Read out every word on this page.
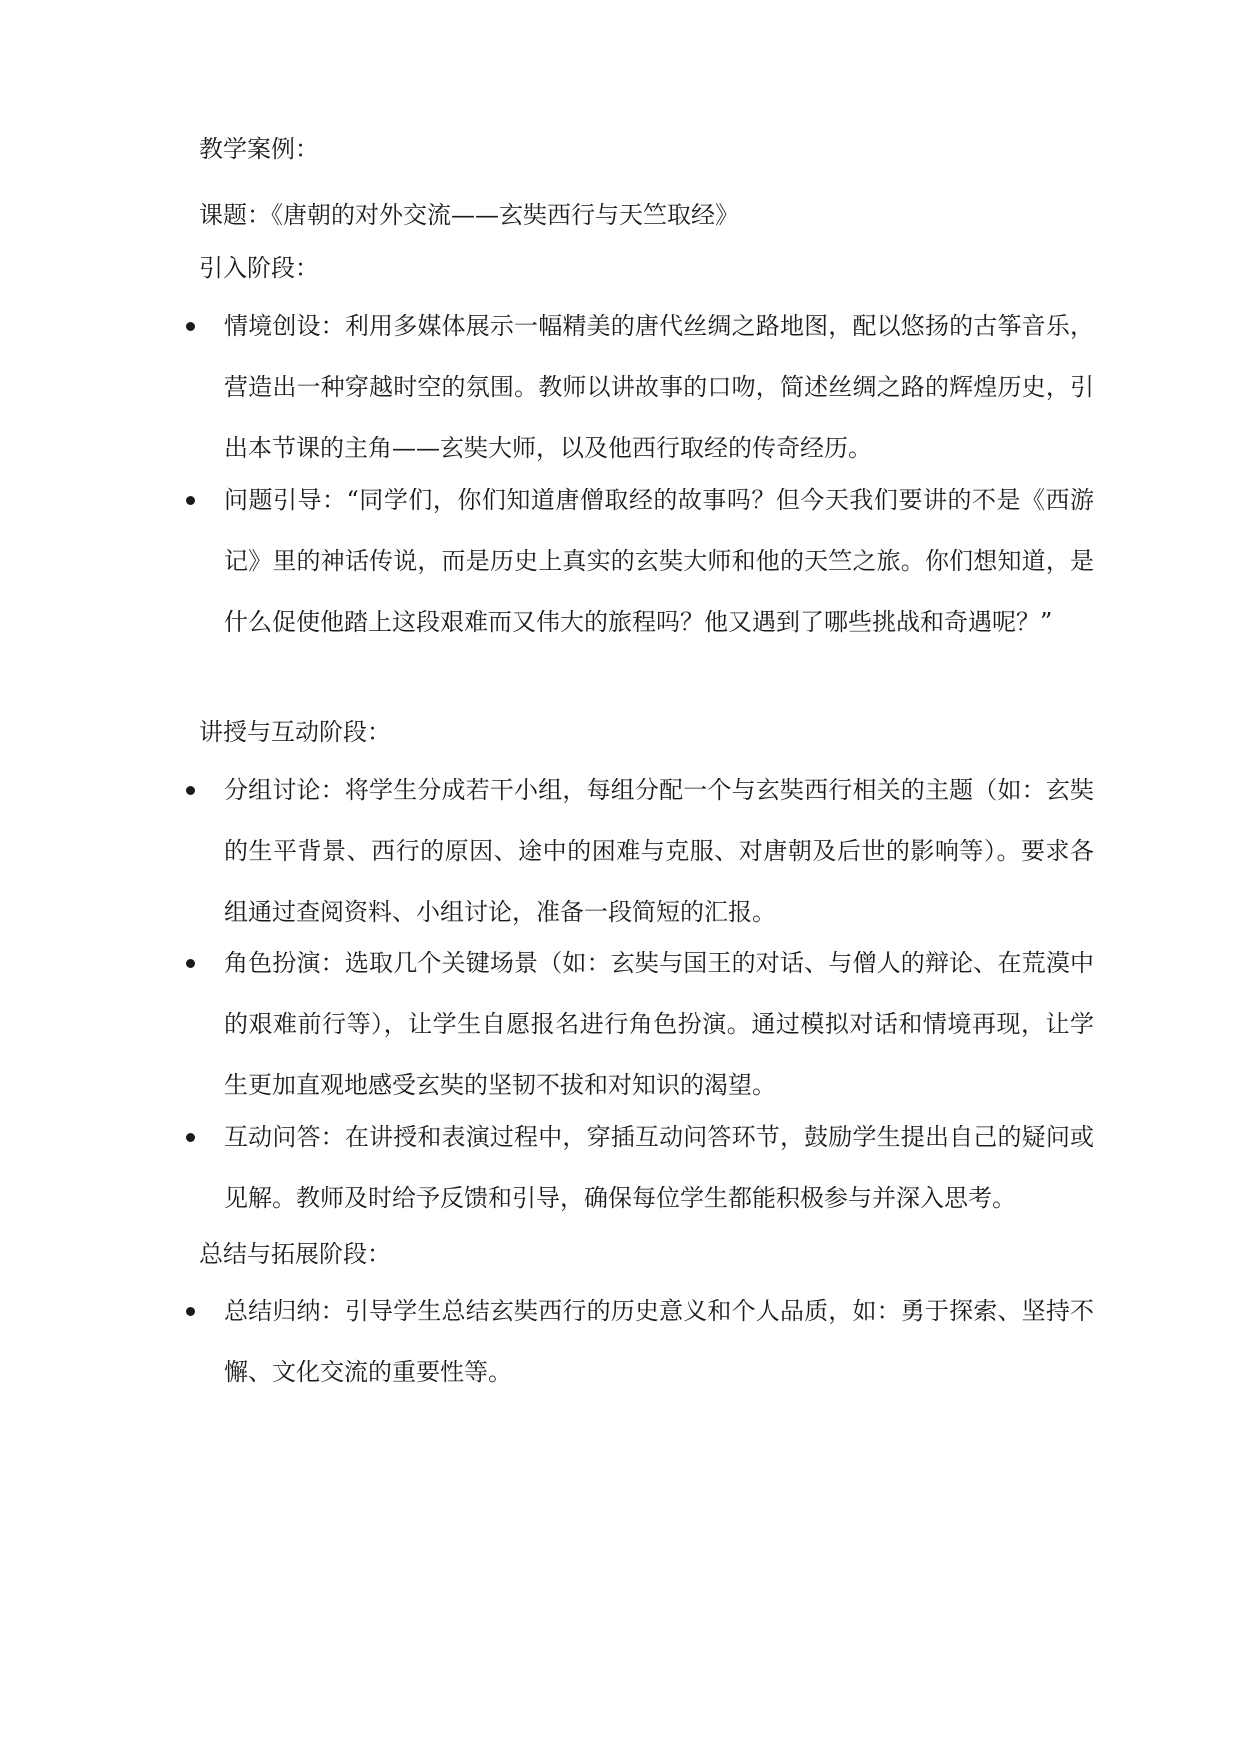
教学案例：
课题：《唐朝的对外交流——玄奘西行与天竺取经》
引入阶段：

情境创设：利用多媒体展示一幅精美的唐代丝绸之路地图，配以悠扬的古筝音乐，营造出一种穿越时空的氛围。教师以讲故事的口吻，简述丝绸之路的辉煌历史，引出本节课的主角——玄奘大师，以及他西行取经的传奇经历。

问题引导：“同学们，你们知道唐僧取经的故事吗？但今天我们要讲的不是《西游记》里的神话传说，而是历史上真实的玄奘大师和他的天竺之旅。你们想知道，是什么促使他踏上这段艰难而又伟大的旅程吗？他又遇到了哪些挑战和奇遇呢？”

讲授与互动阶段：

分组讨论：将学生分成若干小组，每组分配一个与玄奘西行相关的主题（如：玄奘的生平背景、西行的原因、途中的困难与克服、对唐朝及后世的影响等）。要求各组通过查阅资料、小组讨论，准备一段简短的汇报。

角色扮演：选取几个关键场景（如：玄奘与国王的对话、与僧人的辩论、在荒漠中的艰难前行等），让学生自愿报名进行角色扮演。通过模拟对话和情境再现，让学生更加直观地感受玄奘的坚韧不拔和对知识的渴望。

互动问答：在讲授和表演过程中，穿插互动问答环节，鼓励学生提出自己的疑问或见解。教师及时给予反馈和引导，确保每位学生都能积极参与并深入思考。

总结与拓展阶段：

总结归纳：引导学生总结玄奘西行的历史意义和个人品质，如：勇于探索、坚持不懈、文化交流的重要性等。
